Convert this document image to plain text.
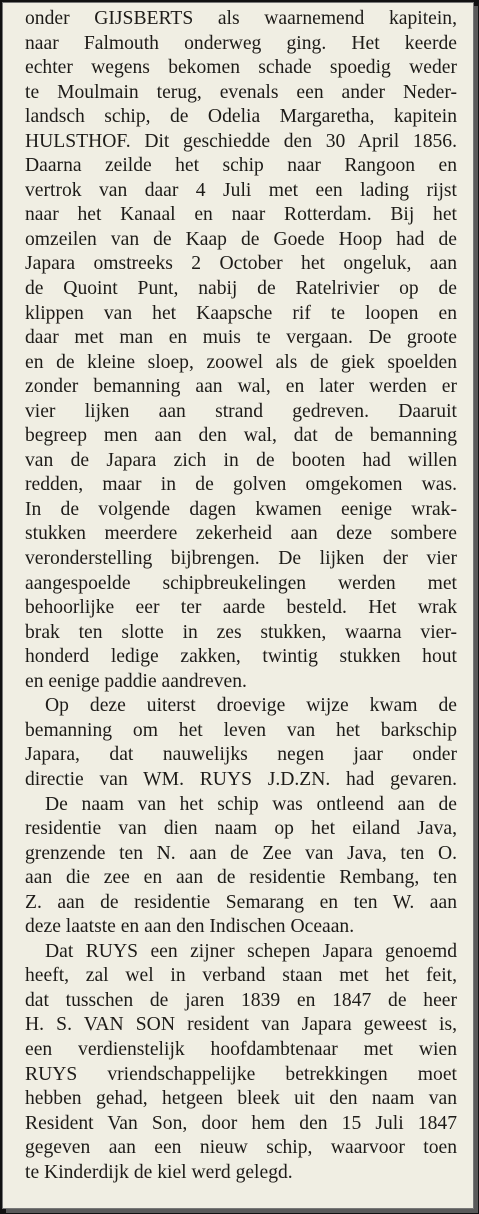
onder GIJSBERTS als waarnemend kapitein,
naar Falmouth onderweg ging. Het keerde
echter wegens bekomen schade spoedig weder
te Moulmain terug, evenals een ander Neder-
landsch schip, de Odelia Margaretha, kapitein
HULSTHOF. Dit geschiedde den 30 April 1856.
Daarna zeilde het schip naar Rangoon en
vertrok van daar 4 Juli met een lading rijst
naar het Kanaal en naar Rotterdam. Bij het
omzeilen van de Kaap de Goede Hoop had de
Japara omstreeks 2 October het ongeluk, aan
de Quoint Punt, nabij de Ratelrivier op de
klippen van het Kaapsche rif te loopen en
daar met man en muis te vergaan. De groote
en de kleine sloep, zoowel als de giek spoelden
zonder bemanning aan wal, en later werden er
vier lijken aan strand gedreven. Daaruit
begreep men aan den wal, dat de bemanning
van de Japara zich in de booten had willen
redden, maar in de golven omgekomen was.
In de volgende dagen kwamen eenige wrak-
stukken meerdere zekerheid aan deze sombere
veronderstelling bijbrengen. De lijken der vier
aangespoelde schipbreukelingen werden met
behoorlijke eer ter aarde besteld. Het wrak
brak ten slotte in zes stukken, waarna vier-
honderd ledige zakken, twintig stukken hout
en eenige paddie aandreven.
Op deze uiterst droevige wijze kwam de
bemanning om het leven van het barkschip
Japara, dat nauwelijks negen jaar onder
directie van WM. RUYS J.D.ZN. had gevaren.
De naam van het schip was ontleend aan de
residentie van dien naam op het eiland Java,
grenzende ten N. aan de Zee van Java, ten O.
aan die zee en aan de residentie Rembang, ten
Z. aan de residentie Semarang en ten W. aan
deze laatste en aan den Indischen Oceaan.
Dat RUYS een zijner schepen Japara genoemd
heeft, zal wel in verband staan met het feit,
dat tusschen de jaren 1839 en 1847 de heer
H. S. VAN SON resident van Japara geweest is,
een verdienstelijk hoofdambtenaar met wien
RUYS vriendschappelijke betrekkingen moet
hebben gehad, hetgeen bleek uit den naam van
Resident Van Son, door hem den 15 Juli 1847
gegeven aan een nieuw schip, waarvoor toen
te Kinderdijk de kiel werd gelegd.
